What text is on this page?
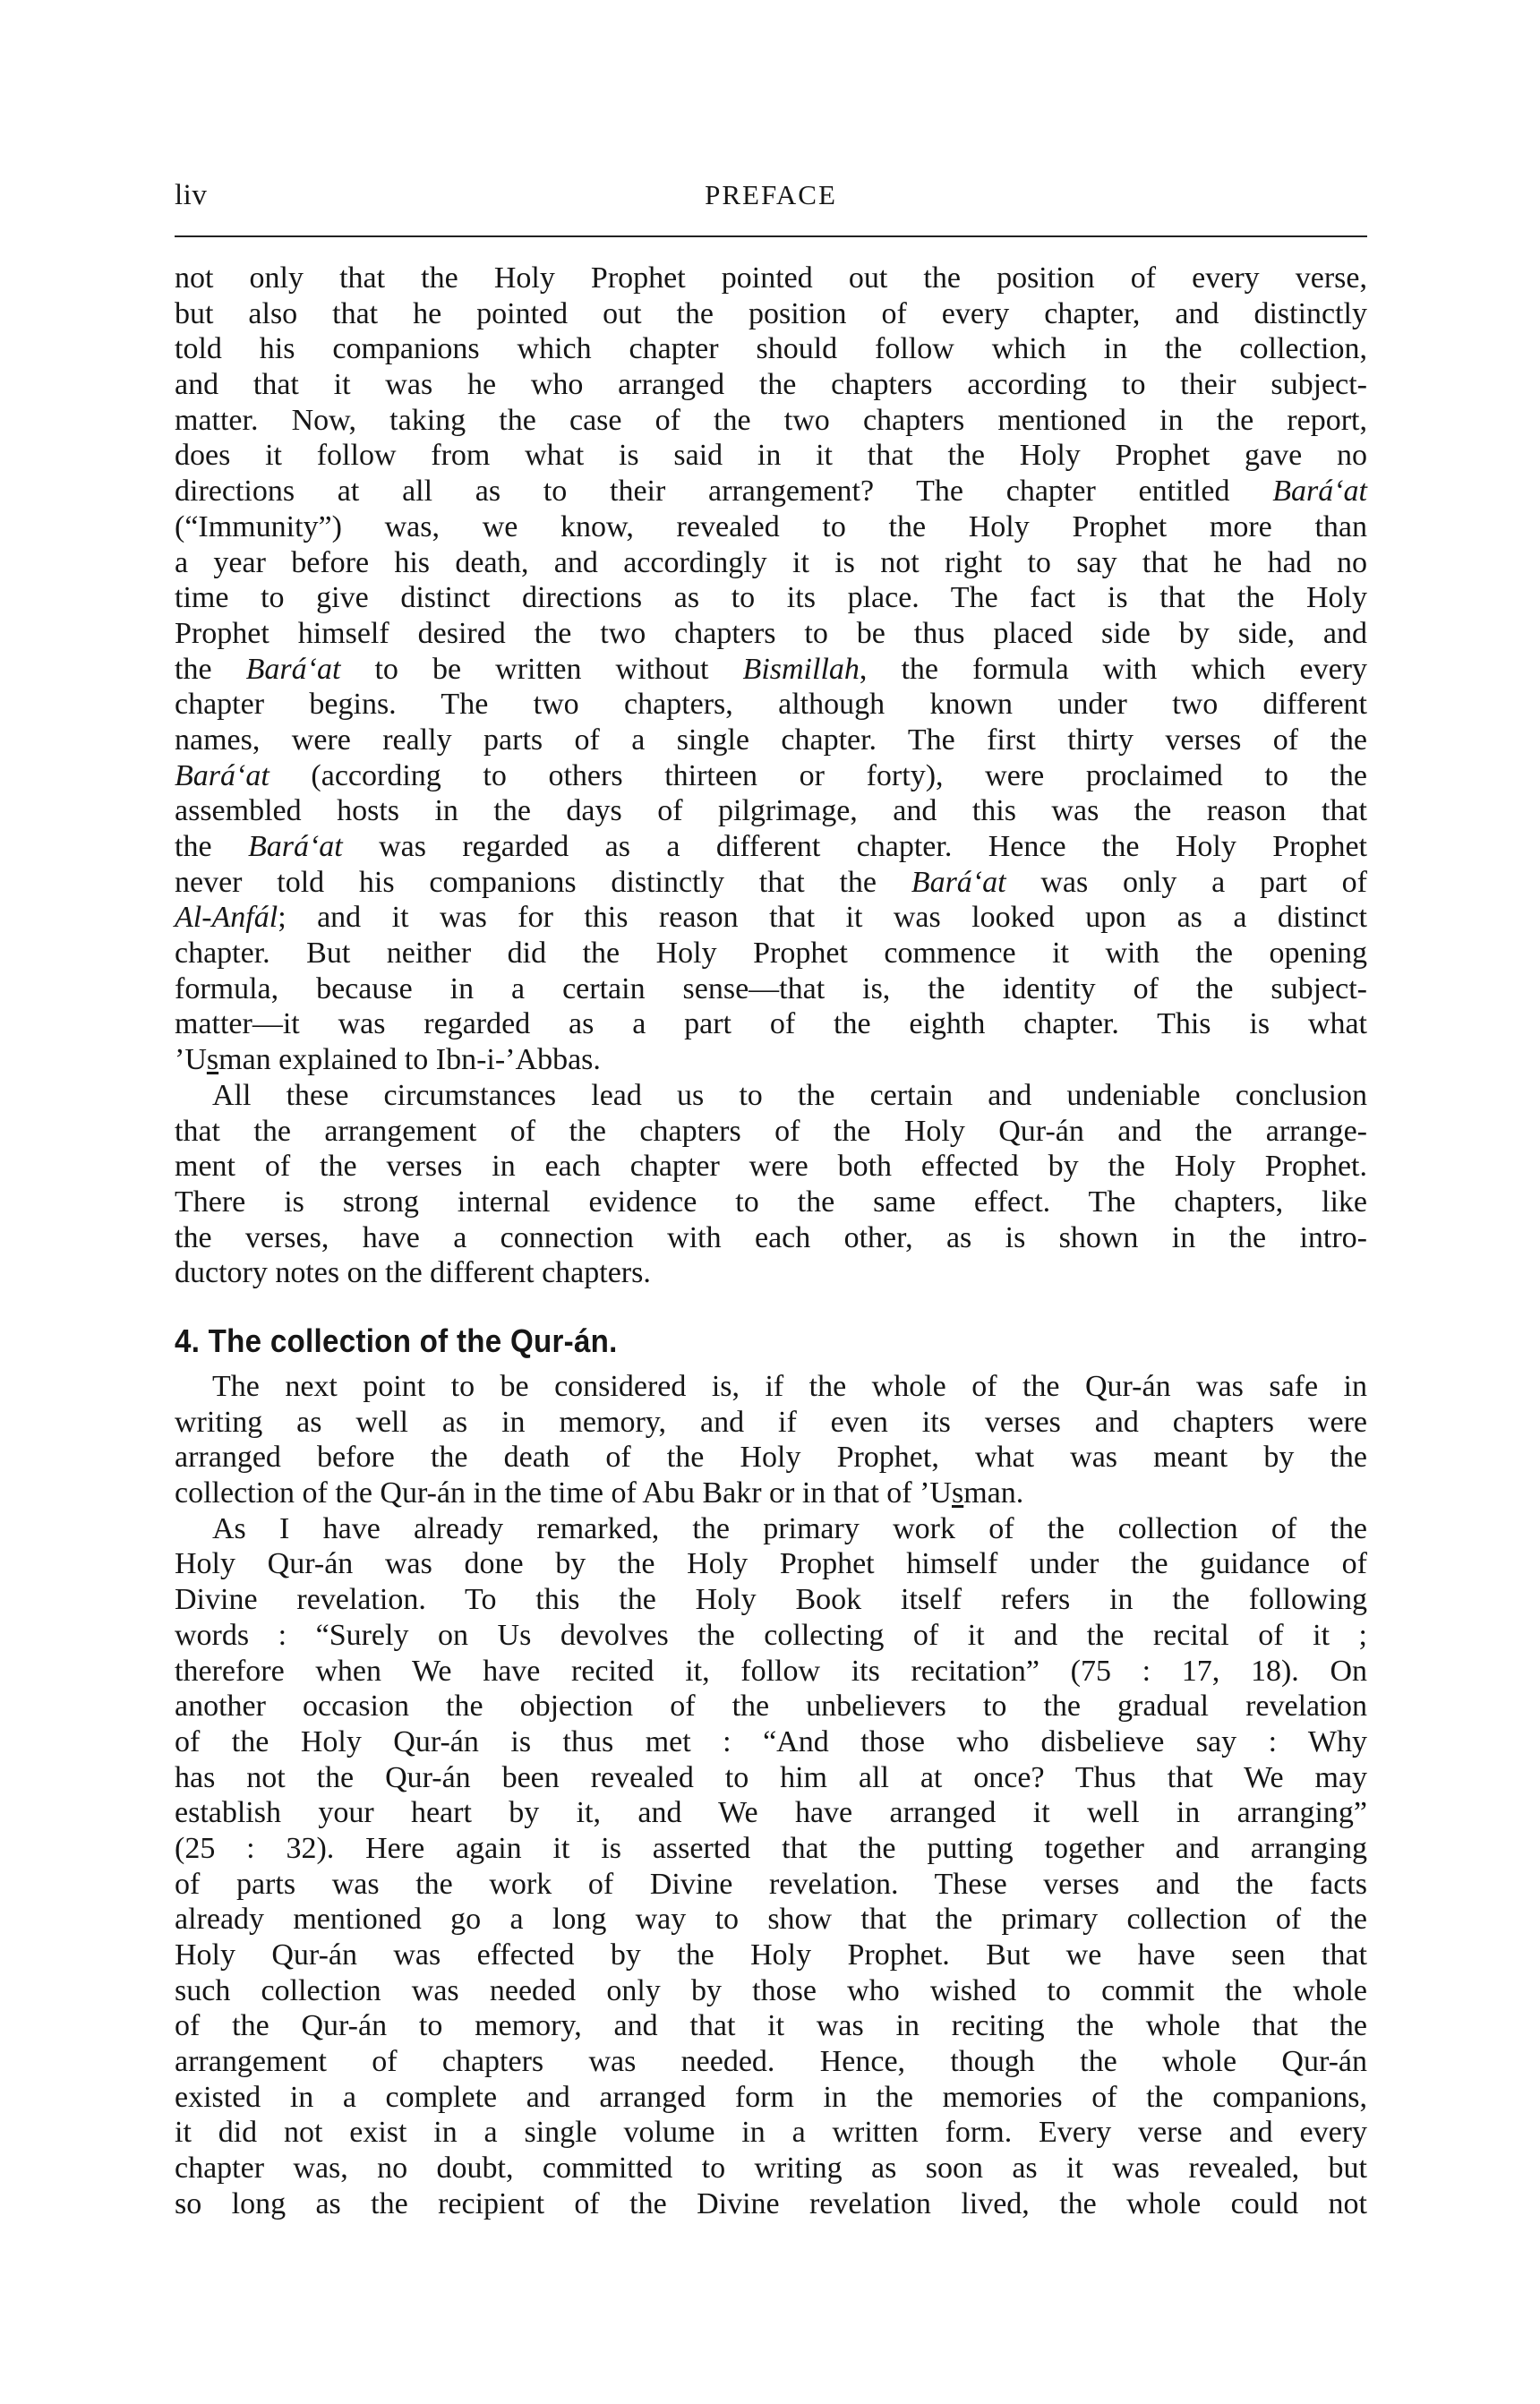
liv	PREFACE
not only that the Holy Prophet pointed out the position of every verse,
but also that he pointed out the position of every chapter, and distinctly
told his companions which chapter should follow which in the collection,
and that it was he who arranged the chapters according to their subject-
matter. Now, taking the case of the two chapters mentioned in the report,
does it follow from what is said in it that the Holy Prophet gave no
directions at all as to their arrangement? The chapter entitled Bará‘at
(“Immunity”) was, we know, revealed to the Holy Prophet more than
a year before his death, and accordingly it is not right to say that he had no
time to give distinct directions as to its place. The fact is that the Holy
Prophet himself desired the two chapters to be thus placed side by side, and
the Bará‘at to be written without Bismillah, the formula with which every
chapter begins. The two chapters, although known under two different
names, were really parts of a single chapter. The first thirty verses of the
Bará‘at (according to others thirteen or forty), were proclaimed to the
assembled hosts in the days of pilgrimage, and this was the reason that
the Bará‘at was regarded as a different chapter. Hence the Holy Prophet
never told his companions distinctly that the Bará‘at was only a part of
Al-Anfál; and it was for this reason that it was looked upon as a distinct
chapter. But neither did the Holy Prophet commence it with the opening
formula, because in a certain sense—that is, the identity of the subject-
matter—it was regarded as a part of the eighth chapter. This is what
’Usman explained to Ibn-i-’Abbas.
All these circumstances lead us to the certain and undeniable conclusion
that the arrangement of the chapters of the Holy Qur-án and the arrange-
ment of the verses in each chapter were both effected by the Holy Prophet.
There is strong internal evidence to the same effect. The chapters, like
the verses, have a connection with each other, as is shown in the intro-
ductory notes on the different chapters.
4. The collection of the Qur-án.
The next point to be considered is, if the whole of the Qur-án was safe in
writing as well as in memory, and if even its verses and chapters were
arranged before the death of the Holy Prophet, what was meant by the
collection of the Qur-án in the time of Abu Bakr or in that of ’Usman.
As I have already remarked, the primary work of the collection of the
Holy Qur-án was done by the Holy Prophet himself under the guidance of
Divine revelation. To this the Holy Book itself refers in the following
words : “Surely on Us devolves the collecting of it and the recital of it ;
therefore when We have recited it, follow its recitation” (75 : 17, 18). On
another occasion the objection of the unbelievers to the gradual revelation
of the Holy Qur-án is thus met : “And those who disbelieve say : Why
has not the Qur-án been revealed to him all at once? Thus that We may
establish your heart by it, and We have arranged it well in arranging”
(25 : 32). Here again it is asserted that the putting together and arranging
of parts was the work of Divine revelation. These verses and the facts
already mentioned go a long way to show that the primary collection of the
Holy Qur-án was effected by the Holy Prophet. But we have seen that
such collection was needed only by those who wished to commit the whole
of the Qur-án to memory, and that it was in reciting the whole that the
arrangement of chapters was needed. Hence, though the whole Qur-án
existed in a complete and arranged form in the memories of the companions,
it did not exist in a single volume in a written form. Every verse and every
chapter was, no doubt, committed to writing as soon as it was revealed, but
so long as the recipient of the Divine revelation lived, the whole could not
